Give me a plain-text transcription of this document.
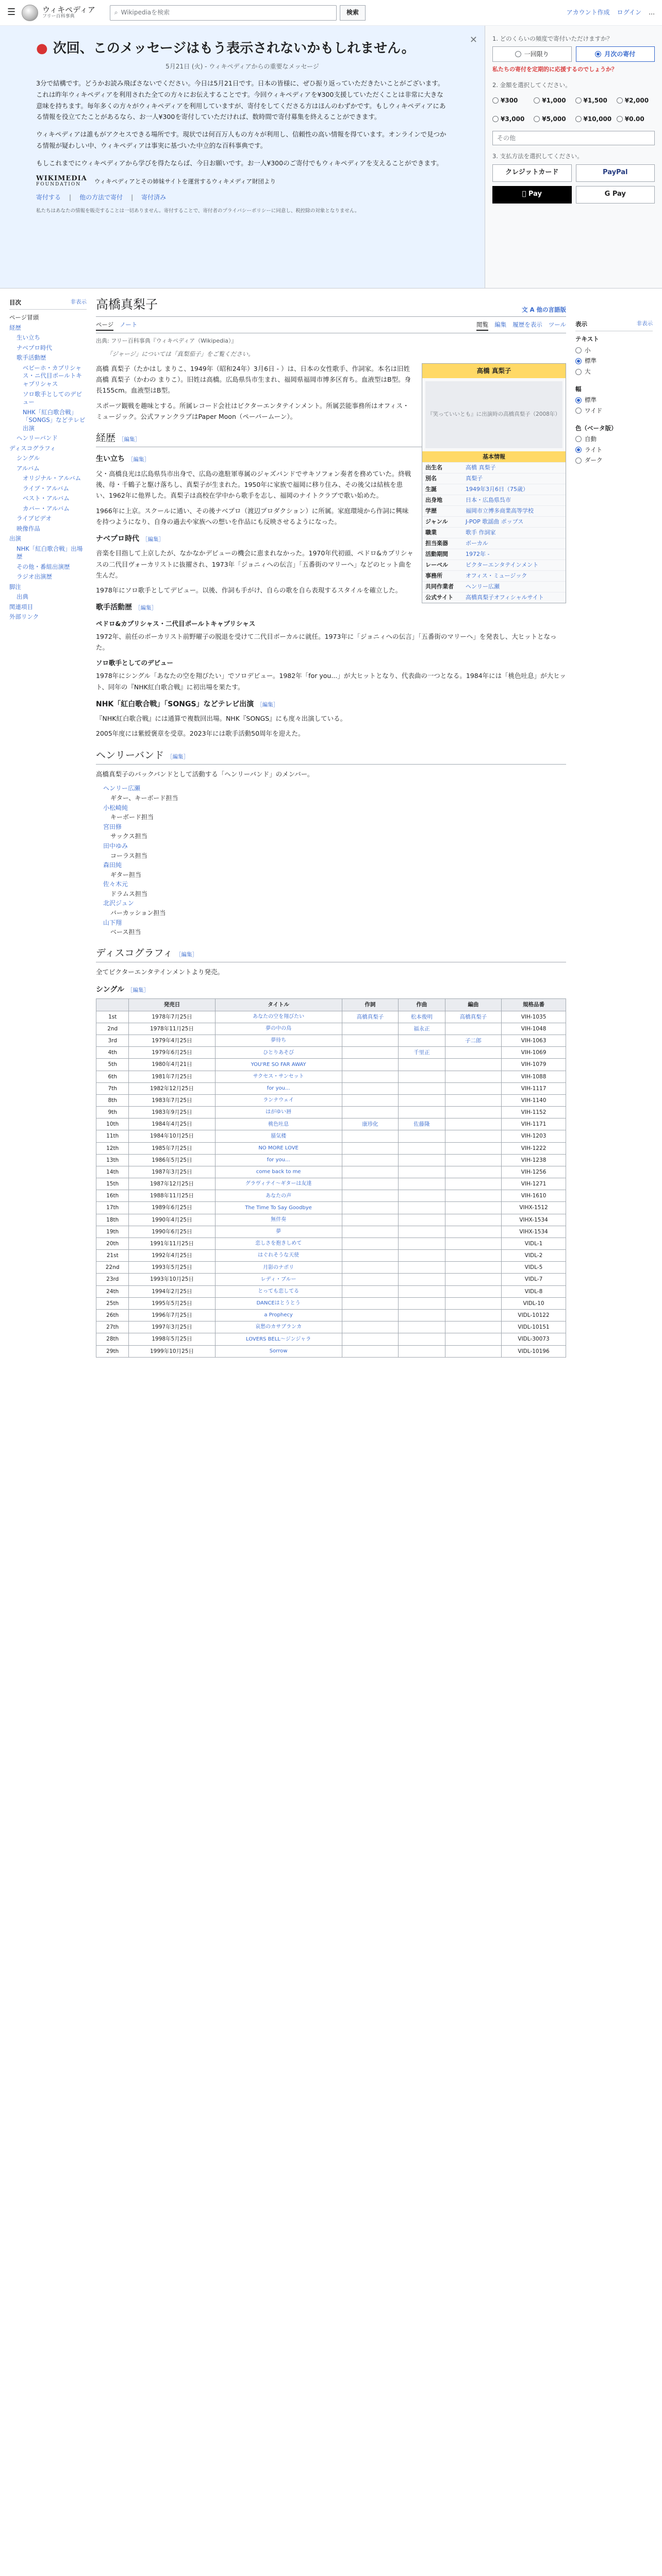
☰	ウィキペディア
フリー百科事典
⌕ Wikipediaを検索	検索	アカウント作成 ログイン …
✕
● 次回、このメッセージはもう表示されないかもしれません。
5月21日 (火) - ウィキペディアからの重要なメッセージ

3分で結構です。どうかお読み飛ばさないでください。今日は5月21日です。日本の皆様に、ぜひ振り返っていただきたいことがございます。これは昨年ウィキペディアを利用された全ての方々にお伝えすることです。今回ウィキペディアを¥300支援していただくことは非常に大きな意味を持ちます。毎年多くの方々がウィキペディアを利用していますが、寄付をしてくださる方はほんのわずかです。もしウィキペディアにある情報を役立てたことがあるなら、お一人¥300を寄付していただければ、数時間で寄付募集を終えることができます。

ウィキペディアは誰もがアクセスできる場所です。現状では何百万人もの方々が利用し、信頼性の高い情報を得ています。オンラインで見つかる情報が疑わしい中、ウィキペディアは事実に基づいた中立的な百科事典です。

もしこれまでにウィキペディアから学びを得たならば、今日お願いです。お一人¥300のご寄付でもウィキペディアを支えることができます。

WIKIMEDIA
FOUNDATION	ウィキペディアとその姉妹サイトを運営するウィキメディア財団より
寄付する | 他の方法で寄付 | 寄付済み
私たちはあなたの情報を販売することは一切ありません。寄付することで、寄付者のプライバシーポリシーに同意し、税控除の対象となりません。
1. どのくらいの頻度で寄付いただけますか？
一回限り	月次の寄付
私たちの寄付を定期的に応援するのでしょうか？
2. 金額を選択してください。
¥300	¥1,000	¥1,500	¥2,000
¥3,000	¥5,000	¥10,000 ¥0.00
その他
3. 支払方法を選択してください。
クレジットカード	PayPal

Pay	G Pay
目次	非表示
ページ冒頭
経歴
生い立ち
ナベプロ時代
歌手活動歴
ベビーホ・カプリシャス・ニ代目ポールトキャプリシャス
ソロ歌手としてのデビュー
NHK「紅白歌合戦」「SONGS」などテレビ出演
ヘンリーバンド
ディスコグラフィ
シングル
アルバム
オリジナル・アルバム
ライブ・アルバム
ベスト・アルバム
カバー・アルバム
ライブビデオ
映像作品
出演
NHK「紅白歌合戦」出場歴
その他・番組出演歴
ラジオ出演歴
脚注
出典
関連項目
外部リンク
高橋真梨子	文 A 他の言語版
ページ ノート	閲覧 編集 履歴を表示 ツール
出典: フリー百科事典『ウィキペディア（Wikipedia）』
「ジャージ」については「真梨茄子」をご覧ください。
高橋 真梨子
『笑っていいとも』に出演時の高橋真梨子（2008年）
基本情報
出生名	高橋 真梨子
別名	真梨子
生誕	1949年3月6日（75歳）
出身地	日本・広島県呉市
学歴	福岡市立博多商業高等学校
ジャンル	J-POP 歌謡曲 ポップス
職業	歌手 作詞家
担当楽器	ボーカル
活動期間	1972年 -
レーベル	ビクターエンタテインメント
事務所	オフィス・ミュージック
共同作業者	ヘンリー広瀬
公式サイト	高橋真梨子オフィシャルサイト

高橋 真梨子（たかはし まりこ、1949年（昭和24年）3月6日 - ）は、日本の女性歌手、作詞家。本名は旧姓 高橋 真梨子（かわの まりこ）。旧姓は高橋。広島県呉市生まれ、福岡県福岡市博多区育ち。血液型はB型。身長155cm。血液型はB型。

スポーツ観戦を趣味とする。所属レコード会社はビクターエンタテインメント。所属芸能事務所はオフィス・ミュージック。公式ファンクラブはPaper Moon（ペーパームーン）。

経歴 ［編集］
生い立ち ［編集］

父・高橋良光は広島県呉市出身で、広島の進駐軍専属のジャズバンドでサキソフォン奏者を務めていた。終戦後、母・千鶴子と駆け落ちし、真梨子が生まれた。1950年に家族で福岡に移り住み、その後父は結核を患い、1962年に他界した。真梨子は高校在学中から歌手を志し、福岡のナイトクラブで歌い始めた。

1966年に上京。スクールに通い、その後ナベプロ（渡辺プロダクション）に所属。家庭環境から作詞に興味を持つようになり、自身の過去や家族への想いを作品にも反映させるようになった。

ナベプロ時代 ［編集］

音楽を目指して上京したが、なかなかデビューの機会に恵まれなかった。1970年代初頭、ペドロ&カプリシャスの二代目ヴォーカリストに抜擢され、1973年「ジョニィへの伝言」「五番街のマリーへ」などのヒット曲を生んだ。

1978年にソロ歌手としてデビュー。以後、作詞も手がけ、自らの歌を自ら表現するスタイルを確立した。

歌手活動歴 ［編集］
ペドロ&カプリシャス・二代目ポールトキャプリシャス

1972年、前任のボーカリスト前野曜子の脱退を受けて二代目ボーカルに就任。1973年に「ジョニィへの伝言」「五番街のマリーへ」を発表し、大ヒットとなった。

ソロ歌手としてのデビュー

1978年にシングル「あなたの空を翔びたい」でソロデビュー。1982年「for you...」が大ヒットとなり、代表曲の一つとなる。1984年には「桃色吐息」が大ヒット、同年の『NHK紅白歌合戦』に初出場を果たす。

NHK「紅白歌合戦」「SONGS」などテレビ出演 ［編集］

『NHK紅白歌合戦』には通算で複数回出場。NHK『SONGS』にも度々出演している。

2005年度には紫綬褒章を受章。2023年には歌手活動50周年を迎えた。

ヘンリーバンド ［編集］

高橋真梨子のバックバンドとして活動する「ヘンリーバンド」のメンバー。

ヘンリー広瀬
ギター、キーボード担当
小松崎純
キーボード担当
宮田修
サックス担当
田中ゆみ
コーラス担当
森田純
ギター担当
佐々木元
ドラムス担当
北沢ジュン
バーカッション担当
山下翔
ベース担当
ディスコグラフィ ［編集］

全てビクターエンタテインメントより発売。

シングル ［編集］
	発売日	タイトル	作詞	作曲	編曲	規格品番
1st	1978年7月25日	あなたの空を翔びたい	高橋真梨子	松本俊明	高橋真梨子	VIH-1035
2nd	1978年11月25日	夢の中の鳥		福永正		VIH-1048
3rd	1979年4月25日	夢待ち			子二郎	VIH-1063
4th	1979年6月25日	ひとりあそび		千里正		VIH-1069
5th	1980年4月21日	YOU'RE SO FAR AWAY				VIH-1079
6th	1981年7月25日	サクセス・サンセット				VIH-1088
7th	1982年12月25日	for you...				VIH-1117
8th	1983年7月25日	ランナウェイ				VIH-1140
9th	1983年9月25日	はがゆい唇				VIH-1152
10th	1984年4月25日	桃色吐息	康珍化	佐藤隆		VIH-1171
11th	1984年10月25日	蜃気楼				VIH-1203
12th	1985年7月25日	NO MORE LOVE				VIH-1222
13th	1986年5月25日	for you...				VIH-1238
14th	1987年3月25日	come back to me				VIH-1256
15th	1987年12月25日	グラヴィテイ〜ギターは友達				VIH-1271
16th	1988年11月25日	あなたの声				VIH-1610
17th	1989年6月25日	The Time To Say Goodbye				VIHX-1512
18th	1990年4月25日	無伴奏				VIHX-1534
19th	1990年6月25日	夢				VIHX-1534
20th	1991年11月25日	恋しさを抱きしめて				VIDL-1
21st	1992年4月25日	はぐれそうな天使				VIDL-2
22nd	1993年5月25日	月影のナポリ				VIDL-5
23rd	1993年10月25日	レディ・ブルー				VIDL-7
24th	1994年2月25日	とっても恋してる				VIDL-8
25th	1995年5月25日	DANCEはとうとう				VIDL-10
26th	1996年7月25日	a Prophecy				VIDL-10122
27th	1997年3月25日	哀愁のカサブランカ				VIDL-10151
28th	1998年5月25日	LOVERS BELL～ジンジャラ				VIDL-30073
29th	1999年10月25日	Sorrow				VIDL-10196
表示	非表示
テキスト
小
標準
大
幅
標準
ワイド
色（ベータ版）
自動
ライト
ダーク
